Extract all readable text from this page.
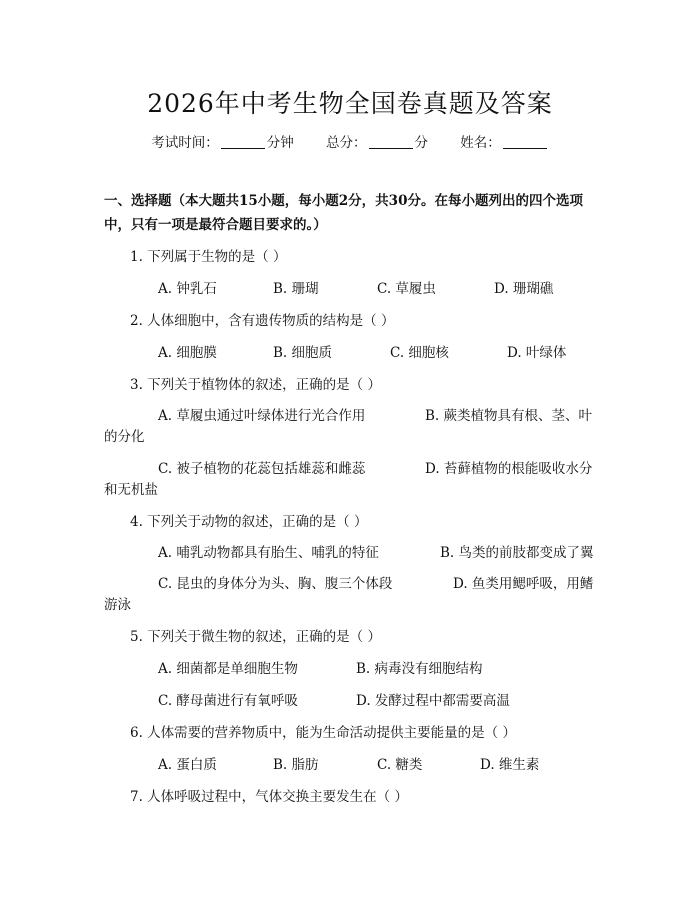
2026年中考生物全国卷真题及答案
考试时间：	分钟 总分：	分 姓名：
一、选择题（本大题共15小题，每小题2分，共30分。在每小题列出的四个选项中，只有一项是最符合题目要求的。）
1. 下列属于生物的是（ ）
A. 钟乳石	B. 珊瑚	C. 草履虫	D. 珊瑚礁
2. 人体细胞中，含有遗传物质的结构是（ ）
A. 细胞膜	B. 细胞质	C. 细胞核	D. 叶绿体
3. 下列关于植物体的叙述，正确的是（ ）
A. 草履虫通过叶绿体进行光合作用	B. 蕨类植物具有根、茎、叶
的分化
C. 被子植物的花蕊包括雄蕊和雌蕊	D. 苔藓植物的根能吸收水分
和无机盐
4. 下列关于动物的叙述，正确的是（ ）
A. 哺乳动物都具有胎生、哺乳的特征	B. 鸟类的前肢都变成了翼
C. 昆虫的身体分为头、胸、腹三个体段	D. 鱼类用鳃呼吸，用鳍
游泳
5. 下列关于微生物的叙述，正确的是（ ）
A. 细菌都是单细胞生物	B. 病毒没有细胞结构
C. 酵母菌进行有氧呼吸	D. 发酵过程中都需要高温
6. 人体需要的营养物质中，能为生命活动提供主要能量的是（ ）
A. 蛋白质	B. 脂肪	C. 糖类	D. 维生素
7. 人体呼吸过程中，气体交换主要发生在（ ）
